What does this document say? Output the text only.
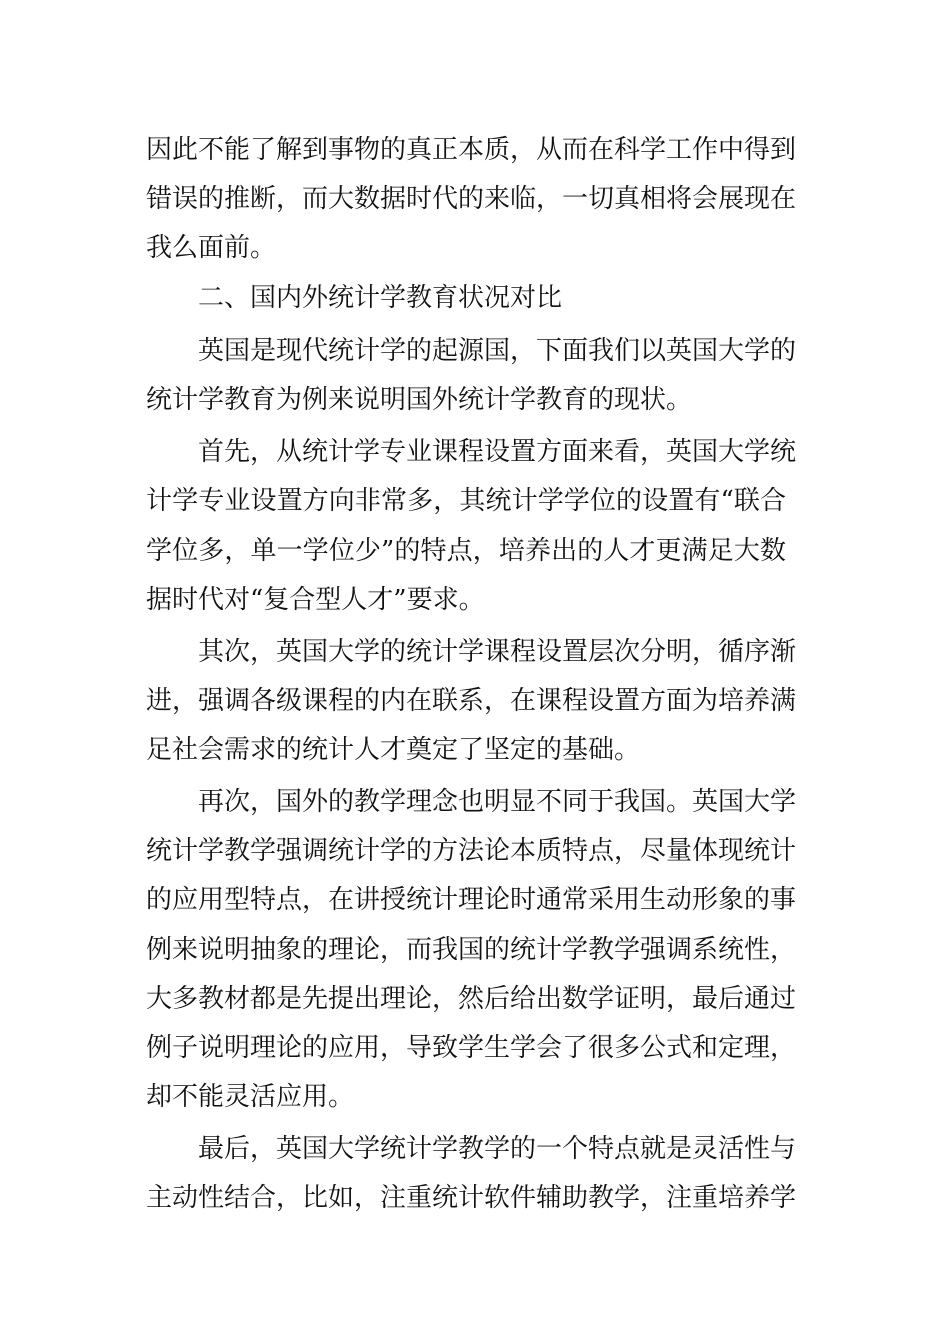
因此不能了解到事物的真正本质，从而在科学工作中得到

错误的推断，而大数据时代的来临，一切真相将会展现在

我么面前。

二、国内外统计学教育状况对比

英国是现代统计学的起源国，下面我们以英国大学的

统计学教育为例来说明国外统计学教育的现状。

首先，从统计学专业课程设置方面来看，英国大学统

计学专业设置方向非常多，其统计学学位的设置有“联合

学位多，单一学位少”的特点，培养出的人才更满足大数

据时代对“复合型人才”要求。

其次，英国大学的统计学课程设置层次分明，循序渐

进，强调各级课程的内在联系，在课程设置方面为培养满

足社会需求的统计人才奠定了坚定的基础。

再次，国外的教学理念也明显不同于我国。英国大学

统计学教学强调统计学的方法论本质特点，尽量体现统计

的应用型特点，在讲授统计理论时通常采用生动形象的事

例来说明抽象的理论，而我国的统计学教学强调系统性，

大多教材都是先提出理论，然后给出数学证明，最后通过

例子说明理论的应用，导致学生学会了很多公式和定理，

却不能灵活应用。

最后，英国大学统计学教学的一个特点就是灵活性与

主动性结合，比如，注重统计软件辅助教学，注重培养学
